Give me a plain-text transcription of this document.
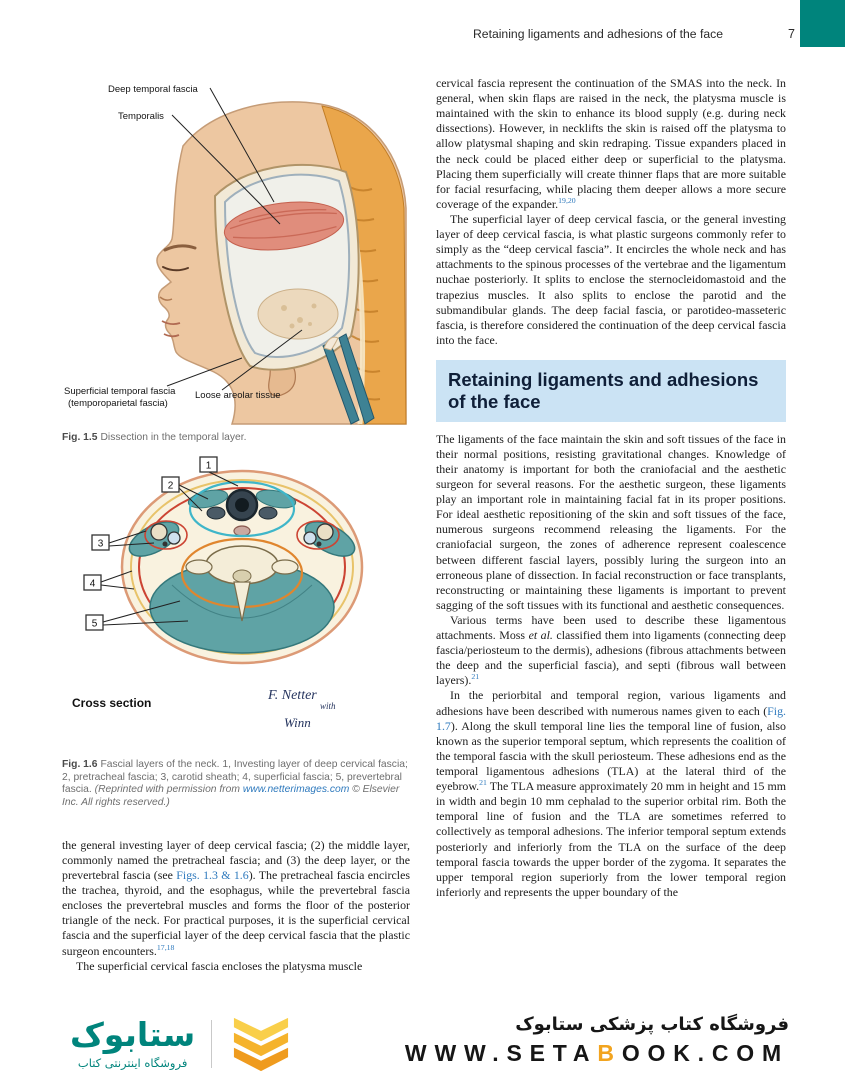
Retaining ligaments and adhesions of the face	7
Deep temporal fascia
Temporalis
Superficial temporal fascia
(temporoparietal fascia)
Loose areolar tissue
Fig. 1.5 Dissection in the temporal layer.
1
2
3
4
5
Cross section	F. Netter
with
Winn
Fig. 1.6 Fascial layers of the neck. 1, Investing layer of deep cervical fascia; 2, pretracheal fascia; 3, carotid sheath; 4, superficial fascia; 5, prevertebral fascia. (Reprinted with permission from www.netterimages.com © Elsevier Inc. All rights reserved.)

the general investing layer of deep cervical fascia; (2) the middle layer, commonly named the pretracheal fascia; and (3) the deep layer, or the prevertebral fascia (see Figs. 1.3 & 1.6). The pretracheal fascia encircles the trachea, thyroid, and the esophagus, while the prevertebral fascia encloses the prevertebral muscles and forms the floor of the posterior triangle of the neck. For practical purposes, it is the superficial cervical fascia and the superficial layer of the deep cervical fascia that the plastic surgeon encounters.$^{17,18}$

The superficial cervical fascia encloses the platysma muscle

cervical fascia represent the continuation of the SMAS into the neck. In general, when skin flaps are raised in the neck, the platysma muscle is maintained with the skin to enhance its blood supply (e.g. during neck dissections). However, in necklifts the skin is raised off the platysma to allow platysmal shaping and skin redraping. Tissue expanders placed in the neck could be placed either deep or superficial to the platysma. Placing them superficially will create thinner flaps that are more suitable for facial resurfacing, while placing them deeper allows a more secure coverage of the expander.$^{19,20}$

The superficial layer of deep cervical fascia, or the general investing layer of deep cervical fascia, is what plastic surgeons commonly refer to simply as the “deep cervical fascia”. It encircles the whole neck and has attachments to the spinous processes of the vertebrae and the ligamentum nuchae posteriorly. It splits to enclose the sternocleidomastoid and the trapezius muscles. It also splits to enclose the parotid and the submandibular glands. The deep facial fascia, or parotideo-masseteric fascia, is therefore considered the continuation of the deep cervical fascia into the face.

Retaining ligaments and adhesions of the face

The ligaments of the face maintain the skin and soft tissues of the face in their normal positions, resisting gravitational changes. Knowledge of their anatomy is important for both the craniofacial and the aesthetic surgeon for several reasons. For the aesthetic surgeon, these ligaments play an important role in maintaining facial fat in its proper positions. For ideal aesthetic repositioning of the skin and soft tissues of the face, numerous surgeons recommend releasing the ligaments. For the craniofacial surgeon, the zones of adherence represent coalescence between different fascial layers, possibly luring the surgeon into an erroneous plane of dissection. In facial reconstruction or face transplants, reconstructing or maintaining these ligaments is important to prevent sagging of the soft tissues with its functional and aesthetic consequences.

Various terms have been used to describe these ligamentous attachments. Moss et al. classified them into ligaments (connecting deep fascia/periosteum to the dermis), adhesions (fibrous attachments between the deep and the superficial fascia), and septi (fibrous wall between layers).$^{21}$

In the periorbital and temporal region, various ligaments and adhesions have been described with numerous names given to each (Fig. 1.7). Along the skull temporal line lies the temporal line of fusion, also known as the superior temporal septum, which represents the coalition of the temporal fascia with the skull periosteum. These adhesions end as the temporal ligamentous adhesions (TLA) at the lateral third of the eyebrow.$^{21}$ The TLA measure approximately 20 mm in height and 15 mm in width and begin 10 mm cephalad to the superior orbital rim. Both the temporal line of fusion and the TLA are sometimes referred to collectively as temporal adhesions. The inferior temporal septum extends posteriorly and inferiorly from the TLA on the surface of the deep temporal fascia towards the upper border of the zygoma. It separates the upper temporal region superiorly from the lower temporal region inferiorly and represents the upper boundary of the

ستابوک
فروشگاه اینترنتی کتاب
فروشگاه کتاب پزشکی ستابوک
WWW.SETABOOK.COM
